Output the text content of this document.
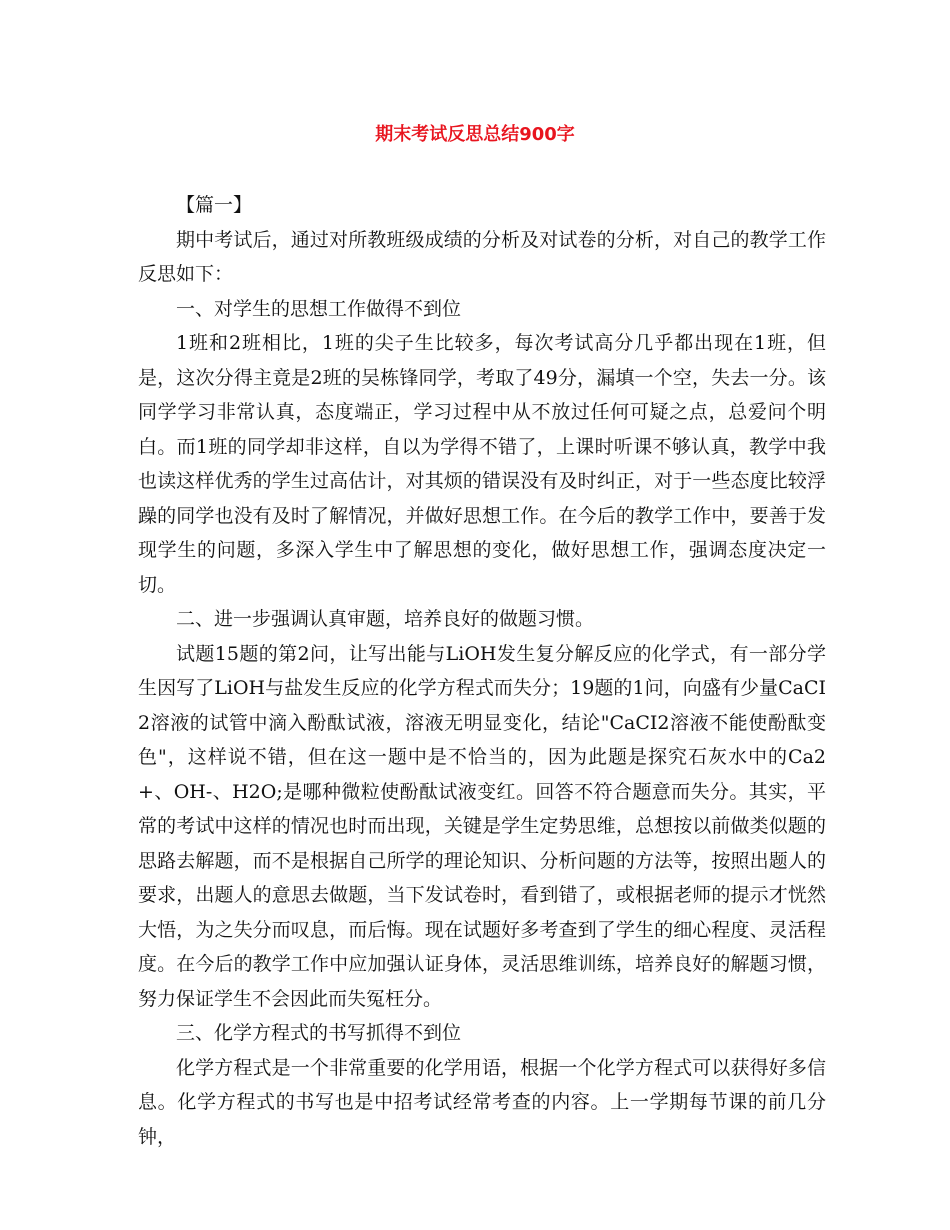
期末考试反思总结900字

【篇一】

期中考试后，通过对所教班级成绩的分析及对试卷的分析，对自己的教学工作反思如下：

一、对学生的思想工作做得不到位

1班和2班相比，1班的尖子生比较多，每次考试高分几乎都出现在1班，但是，这次分得主竟是2班的吴栋锋同学，考取了49分，漏填一个空，失去一分。该同学学习非常认真，态度端正，学习过程中从不放过任何可疑之点，总爱问个明白。而1班的同学却非这样，自以为学得不错了，上课时听课不够认真，教学中我也读这样优秀的学生过高估计，对其烦的错误没有及时纠正，对于一些态度比较浮躁的同学也没有及时了解情况，并做好思想工作。在今后的教学工作中，要善于发现学生的问题，多深入学生中了解思想的变化，做好思想工作，强调态度决定一切。

二、进一步强调认真审题，培养良好的做题习惯。

试题15题的第2问，让写出能与LiOH发生复分解反应的化学式，有一部分学生因写了LiOH与盐发生反应的化学方程式而失分；19题的1问，向盛有少量CaCI2溶液的试管中滴入酚酞试液，溶液无明显变化，结论"CaCI2溶液不能使酚酞变色"，这样说不错，但在这一题中是不恰当的，因为此题是探究石灰水中的Ca2+、OH-、H2O;是哪种微粒使酚酞试液变红。回答不符合题意而失分。其实，平常的考试中这样的情况也时而出现，关键是学生定势思维，总想按以前做类似题的思路去解题，而不是根据自己所学的理论知识、分析问题的方法等，按照出题人的要求，出题人的意思去做题，当下发试卷时，看到错了，或根据老师的提示才恍然大悟，为之失分而叹息，而后悔。现在试题好多考查到了学生的细心程度、灵活程度。在今后的教学工作中应加强认证身体，灵活思维训练，培养良好的解题习惯，努力保证学生不会因此而失冤枉分。

三、化学方程式的书写抓得不到位

化学方程式是一个非常重要的化学用语，根据一个化学方程式可以获得好多信息。化学方程式的书写也是中招考试经常考查的内容。上一学期每节课的前几分钟，
